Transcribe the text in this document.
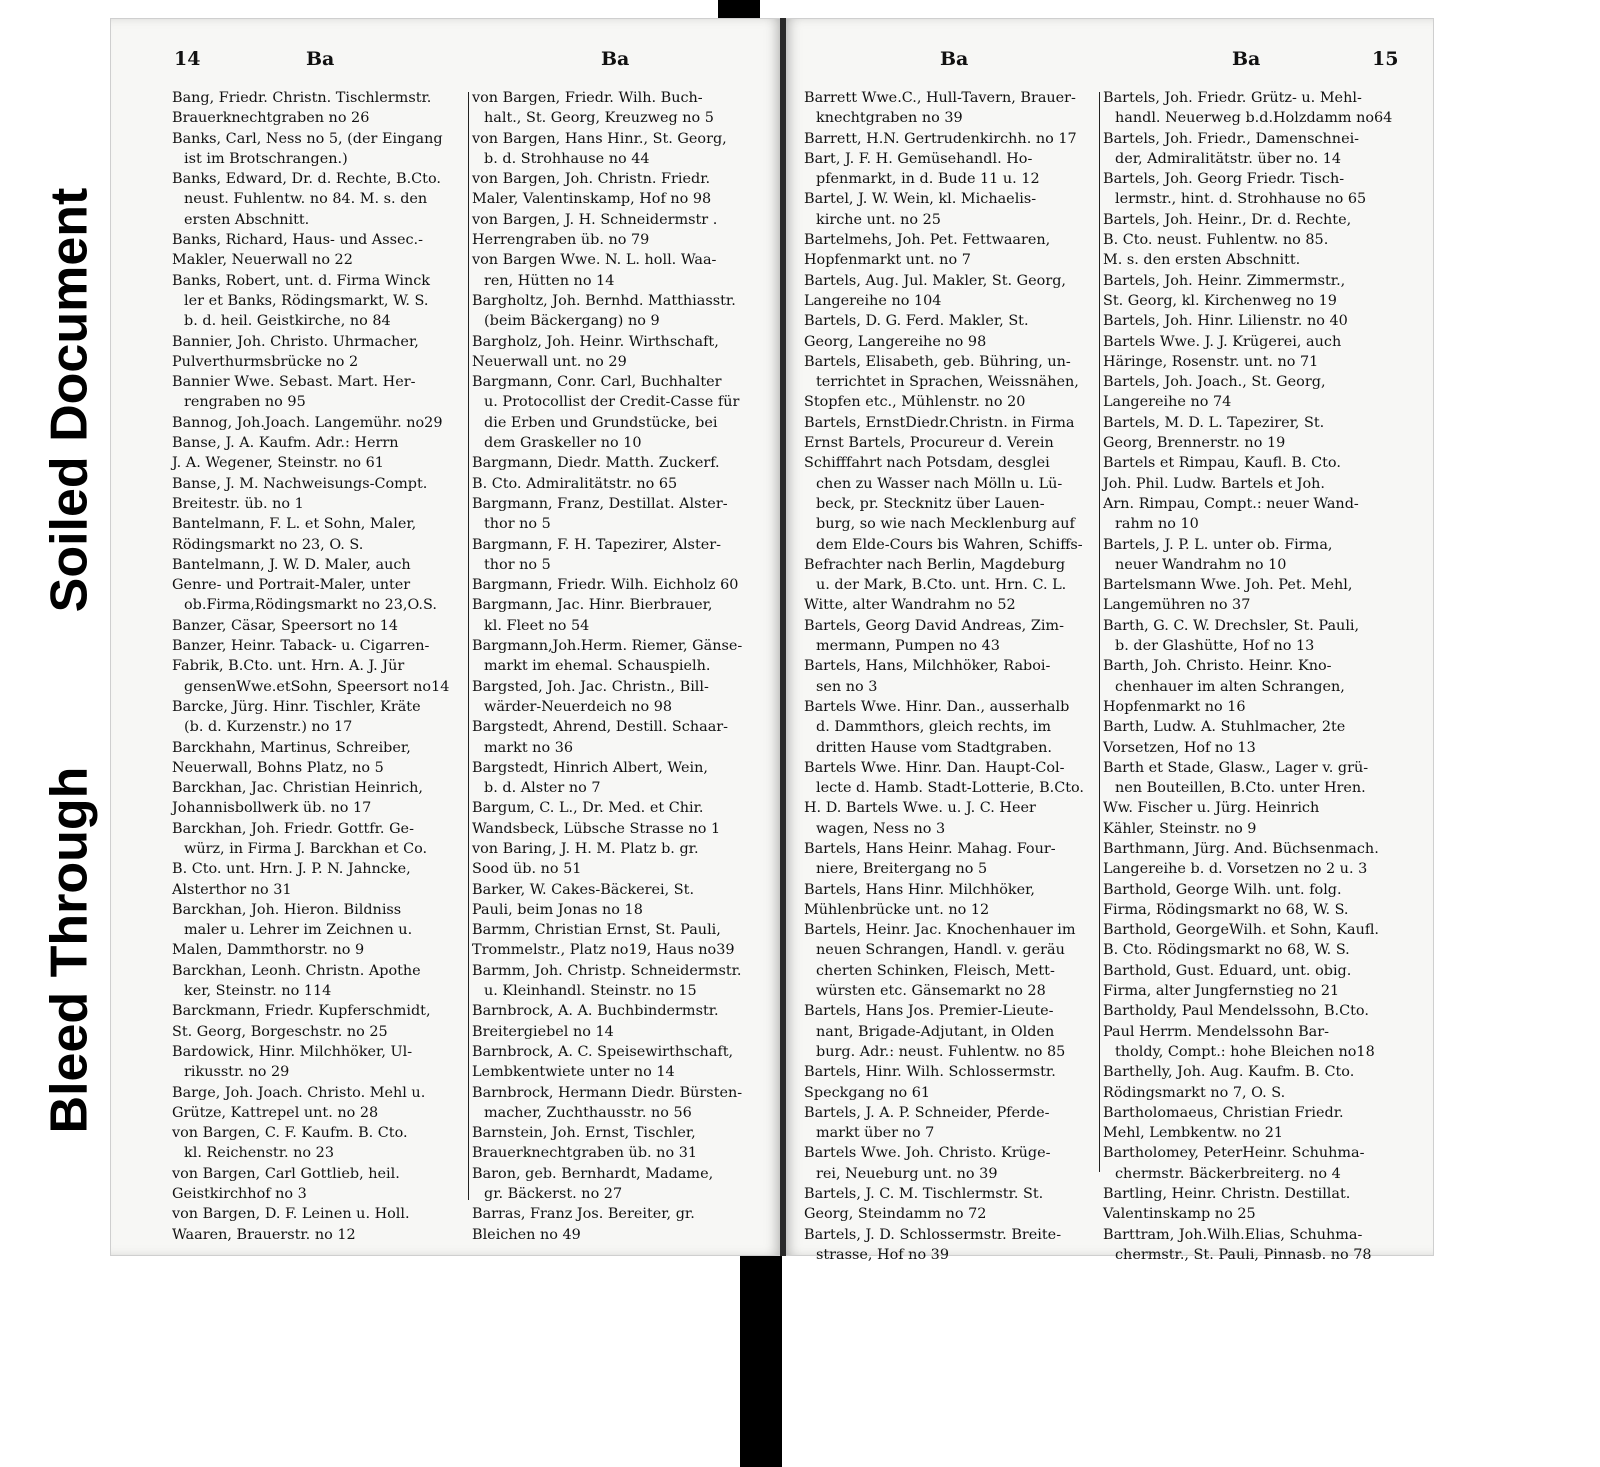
Soiled Document
Bleed Through
14	Ba	Ba	Ba	Ba	15
Bang, Friedr. Christn. Tischlermstr.
Brauerknechtgraben no 26
Banks, Carl, Ness no 5, (der Eingang
ist im Brotschrangen.)
Banks, Edward, Dr. d. Rechte, B.Cto.
neust. Fuhlentw. no 84. M. s. den
ersten Abschnitt.
Banks, Richard, Haus- und Assec.-
Makler, Neuerwall no 22
Banks, Robert, unt. d. Firma Winck
ler et Banks, Rödingsmarkt, W. S.
b. d. heil. Geistkirche, no 84
Bannier, Joh. Christo. Uhrmacher,
Pulverthurmsbrücke no 2
Bannier Wwe. Sebast. Mart. Her-
rengraben no 95
Bannog, Joh.Joach. Langemühr. no29
Banse, J. A. Kaufm. Adr.: Herrn
J. A. Wegener, Steinstr. no 61
Banse, J. M. Nachweisungs-Compt.
Breitestr. üb. no 1
Bantelmann, F. L. et Sohn, Maler,
Rödingsmarkt no 23, O. S.
Bantelmann, J. W. D. Maler, auch
Genre- und Portrait-Maler, unter
ob.Firma,Rödingsmarkt no 23,O.S.
Banzer, Cäsar, Speersort no 14
Banzer, Heinr. Taback- u. Cigarren-
Fabrik, B.Cto. unt. Hrn. A. J. Jür
gensenWwe.etSohn, Speersort no14
Barcke, Jürg. Hinr. Tischler, Kräte
(b. d. Kurzenstr.) no 17
Barckhahn, Martinus, Schreiber,
Neuerwall, Bohns Platz, no 5
Barckhan, Jac. Christian Heinrich,
Johannisbollwerk üb. no 17
Barckhan, Joh. Friedr. Gottfr. Ge-
würz, in Firma J. Barckhan et Co.
B. Cto. unt. Hrn. J. P. N. Jahncke,
Alsterthor no 31
Barckhan, Joh. Hieron. Bildniss
maler u. Lehrer im Zeichnen u.
Malen, Dammthorstr. no 9
Barckhan, Leonh. Christn. Apothe
ker, Steinstr. no 114
Barckmann, Friedr. Kupferschmidt,
St. Georg, Borgeschstr. no 25
Bardowick, Hinr. Milchhöker, Ul-
rikusstr. no 29
Barge, Joh. Joach. Christo. Mehl u.
Grütze, Kattrepel unt. no 28
von Bargen, C. F. Kaufm. B. Cto.
kl. Reichenstr. no 23
von Bargen, Carl Gottlieb, heil.
Geistkirchhof no 3
von Bargen, D. F. Leinen u. Holl.
Waaren, Brauerstr. no 12
von Bargen, Friedr. Wilh. Buch-
halt., St. Georg, Kreuzweg no 5
von Bargen, Hans Hinr., St. Georg,
b. d. Strohhause no 44
von Bargen, Joh. Christn. Friedr.
Maler, Valentinskamp, Hof no 98
von Bargen, J. H. Schneidermstr .
Herrengraben üb. no 79
von Bargen Wwe. N. L. holl. Waa-
ren, Hütten no 14
Bargholtz, Joh. Bernhd. Matthiasstr.
(beim Bäckergang) no 9
Bargholz, Joh. Heinr. Wirthschaft,
Neuerwall unt. no 29
Bargmann, Conr. Carl, Buchhalter
u. Protocollist der Credit-Casse für
die Erben und Grundstücke, bei
dem Graskeller no 10
Bargmann, Diedr. Matth. Zuckerf.
B. Cto. Admiralitätstr. no 65
Bargmann, Franz, Destillat. Alster-
thor no 5
Bargmann, F. H. Tapezirer, Alster-
thor no 5
Bargmann, Friedr. Wilh. Eichholz 60
Bargmann, Jac. Hinr. Bierbrauer,
kl. Fleet no 54
Bargmann,Joh.Herm. Riemer, Gänse-
markt im ehemal. Schauspielh.
Bargsted, Joh. Jac. Christn., Bill-
wärder-Neuerdeich no 98
Bargstedt, Ahrend, Destill. Schaar-
markt no 36
Bargstedt, Hinrich Albert, Wein,
b. d. Alster no 7
Bargum, C. L., Dr. Med. et Chir.
Wandsbeck, Lübsche Strasse no 1
von Baring, J. H. M. Platz b. gr.
Sood üb. no 51
Barker, W. Cakes-Bäckerei, St.
Pauli, beim Jonas no 18
Barmm, Christian Ernst, St. Pauli,
Trommelstr., Platz no19, Haus no39
Barmm, Joh. Christp. Schneidermstr.
u. Kleinhandl. Steinstr. no 15
Barnbrock, A. A. Buchbindermstr.
Breitergiebel no 14
Barnbrock, A. C. Speisewirthschaft,
Lembkentwiete unter no 14
Barnbrock, Hermann Diedr. Bürsten-
macher, Zuchthausstr. no 56
Barnstein, Joh. Ernst, Tischler,
Brauerknechtgraben üb. no 31
Baron, geb. Bernhardt, Madame,
gr. Bäckerst. no 27
Barras, Franz Jos. Bereiter, gr.
Bleichen no 49
Barrett Wwe.C., Hull-Tavern, Brauer-
knechtgraben no 39
Barrett, H.N. Gertrudenkirchh. no 17
Bart, J. F. H. Gemüsehandl. Ho-
pfenmarkt, in d. Bude 11 u. 12
Bartel, J. W. Wein, kl. Michaelis-
kirche unt. no 25
Bartelmehs, Joh. Pet. Fettwaaren,
Hopfenmarkt unt. no 7
Bartels, Aug. Jul. Makler, St. Georg,
Langereihe no 104
Bartels, D. G. Ferd. Makler, St.
Georg, Langereihe no 98
Bartels, Elisabeth, geb. Bühring, un-
terrichtet in Sprachen, Weissnähen,
Stopfen etc., Mühlenstr. no 20
Bartels, ErnstDiedr.Christn. in Firma
Ernst Bartels, Procureur d. Verein
Schifffahrt nach Potsdam, desglei
chen zu Wasser nach Mölln u. Lü-
beck, pr. Stecknitz über Lauen-
burg, so wie nach Mecklenburg auf
dem Elde-Cours bis Wahren, Schiffs-
Befrachter nach Berlin, Magdeburg
u. der Mark, B.Cto. unt. Hrn. C. L.
Witte, alter Wandrahm no 52
Bartels, Georg David Andreas, Zim-
mermann, Pumpen no 43
Bartels, Hans, Milchhöker, Raboi-
sen no 3
Bartels Wwe. Hinr. Dan., ausserhalb
d. Dammthors, gleich rechts, im
dritten Hause vom Stadtgraben.
Bartels Wwe. Hinr. Dan. Haupt-Col-
lecte d. Hamb. Stadt-Lotterie, B.Cto.
H. D. Bartels Wwe. u. J. C. Heer
wagen, Ness no 3
Bartels, Hans Heinr. Mahag. Four-
niere, Breitergang no 5
Bartels, Hans Hinr. Milchhöker,
Mühlenbrücke unt. no 12
Bartels, Heinr. Jac. Knochenhauer im
neuen Schrangen, Handl. v. geräu
cherten Schinken, Fleisch, Mett-
würsten etc. Gänsemarkt no 28
Bartels, Hans Jos. Premier-Lieute-
nant, Brigade-Adjutant, in Olden
burg. Adr.: neust. Fuhlentw. no 85
Bartels, Hinr. Wilh. Schlossermstr.
Speckgang no 61
Bartels, J. A. P. Schneider, Pferde-
markt über no 7
Bartels Wwe. Joh. Christo. Krüge-
rei, Neueburg unt. no 39
Bartels, J. C. M. Tischlermstr. St.
Georg, Steindamm no 72
Bartels, J. D. Schlossermstr. Breite-
strasse, Hof no 39
Bartels, Joh. Friedr. Grütz- u. Mehl-
handl. Neuerweg b.d.Holzdamm no64
Bartels, Joh. Friedr., Damenschnei-
der, Admiralitätstr. über no. 14
Bartels, Joh. Georg Friedr. Tisch-
lermstr., hint. d. Strohhause no 65
Bartels, Joh. Heinr., Dr. d. Rechte,
B. Cto. neust. Fuhlentw. no 85.
M. s. den ersten Abschnitt.
Bartels, Joh. Heinr. Zimmermstr.,
St. Georg, kl. Kirchenweg no 19
Bartels, Joh. Hinr. Lilienstr. no 40
Bartels Wwe. J. J. Krügerei, auch
Häringe, Rosenstr. unt. no 71
Bartels, Joh. Joach., St. Georg,
Langereihe no 74
Bartels, M. D. L. Tapezirer, St.
Georg, Brennerstr. no 19
Bartels et Rimpau, Kaufl. B. Cto.
Joh. Phil. Ludw. Bartels et Joh.
Arn. Rimpau, Compt.: neuer Wand-
rahm no 10
Bartels, J. P. L. unter ob. Firma,
neuer Wandrahm no 10
Bartelsmann Wwe. Joh. Pet. Mehl,
Langemühren no 37
Barth, G. C. W. Drechsler, St. Pauli,
b. der Glashütte, Hof no 13
Barth, Joh. Christo. Heinr. Kno-
chenhauer im alten Schrangen,
Hopfenmarkt no 16
Barth, Ludw. A. Stuhlmacher, 2te
Vorsetzen, Hof no 13
Barth et Stade, Glasw., Lager v. grü-
nen Bouteillen, B.Cto. unter Hren.
Ww. Fischer u. Jürg. Heinrich
Kähler, Steinstr. no 9
Barthmann, Jürg. And. Büchsenmach.
Langereihe b. d. Vorsetzen no 2 u. 3
Barthold, George Wilh. unt. folg.
Firma, Rödingsmarkt no 68, W. S.
Barthold, GeorgeWilh. et Sohn, Kaufl.
B. Cto. Rödingsmarkt no 68, W. S.
Barthold, Gust. Eduard, unt. obig.
Firma, alter Jungfernstieg no 21
Bartholdy, Paul Mendelssohn, B.Cto.
Paul Herrm. Mendelssohn Bar-
tholdy, Compt.: hohe Bleichen no18
Barthelly, Joh. Aug. Kaufm. B. Cto.
Rödingsmarkt no 7, O. S.
Bartholomaeus, Christian Friedr.
Mehl, Lembkentw. no 21
Bartholomey, PeterHeinr. Schuhma-
chermstr. Bäckerbreiterg. no 4
Bartling, Heinr. Christn. Destillat.
Valentinskamp no 25
Barttram, Joh.Wilh.Elias, Schuhma-
chermstr., St. Pauli, Pinnasb. no 78
